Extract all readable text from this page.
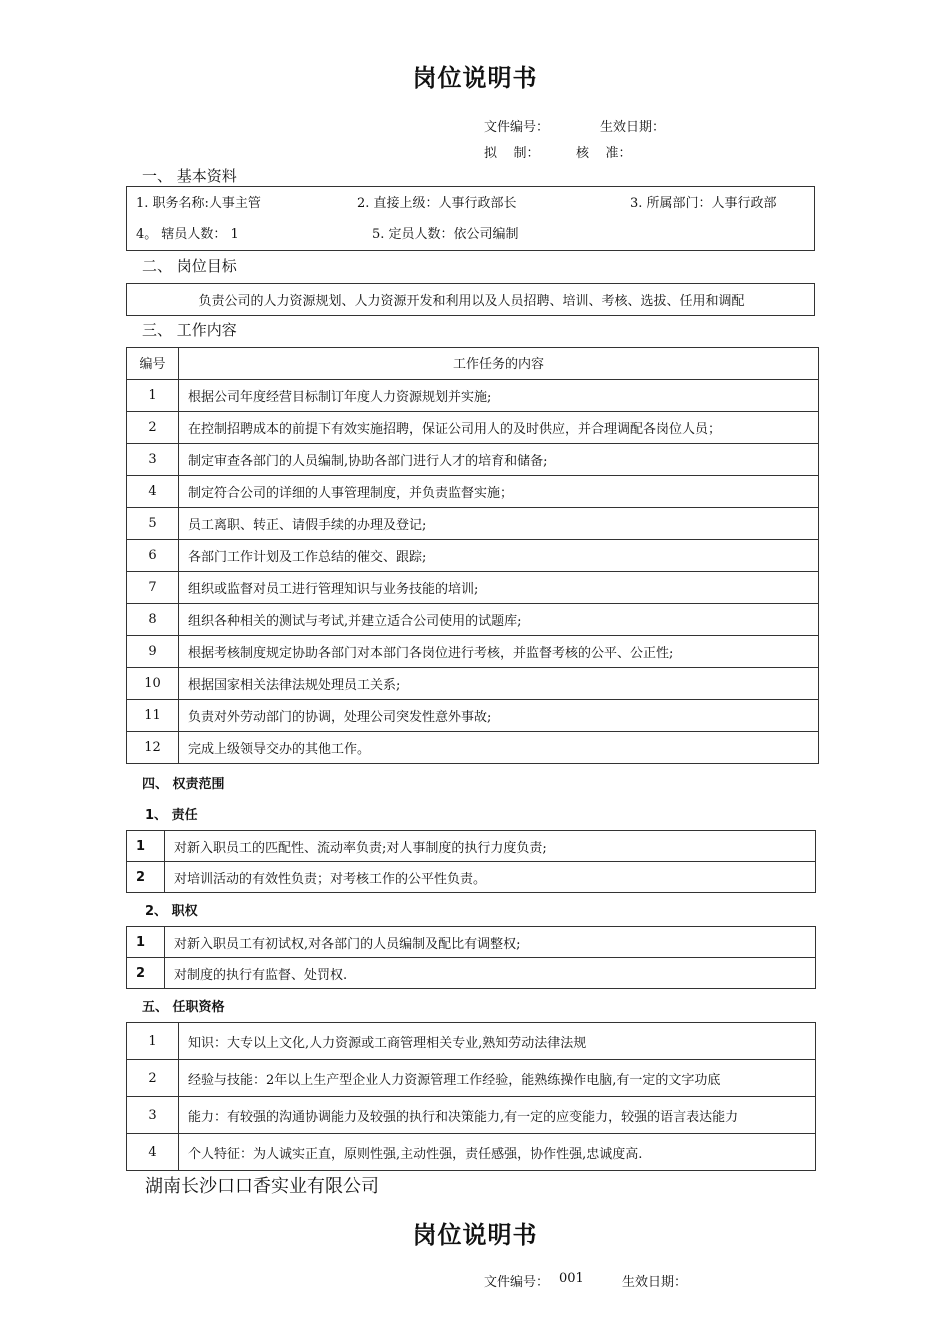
岗位说明书
文件编号：	生效日期：
拟    制：	核    准：
一、 基本资料
1. 职务名称:人事主管	2. 直接上级：人事行政部长	3. 所属部门：人事行政部
4。 辖员人数： 1	5. 定员人数：依公司编制
二、 岗位目标
负责公司的人力资源规划、人力资源开发和利用以及人员招聘、培训、考核、选拔、任用和调配
三、 工作内容
编号	工作任务的内容
1	根据公司年度经营目标制订年度人力资源规划并实施;
2	在控制招聘成本的前提下有效实施招聘，保证公司用人的及时供应，并合理调配各岗位人员；
3	制定审查各部门的人员编制,协助各部门进行人才的培育和储备;
4	制定符合公司的详细的人事管理制度，并负责监督实施；
5	员工离职、转正、请假手续的办理及登记;
6	各部门工作计划及工作总结的催交、跟踪;
7	组织或监督对员工进行管理知识与业务技能的培训;
8	组织各种相关的测试与考试,并建立适合公司使用的试题库;
9	根据考核制度规定协助各部门对本部门各岗位进行考核，并监督考核的公平、公正性;
10	根据国家相关法律法规处理员工关系;
11	负责对外劳动部门的协调，处理公司突发性意外事故;
12	完成上级领导交办的其他工作。
四、 权责范围
1、 责任
1	对新入职员工的匹配性、流动率负责;对人事制度的执行力度负责;
2	对培训活动的有效性负责；对考核工作的公平性负责。
2、 职权
1	对新入职员工有初试权,对各部门的人员编制及配比有调整权;
2	对制度的执行有监督、处罚权.
五、 任职资格
1	知识：大专以上文化,人力资源或工商管理相关专业,熟知劳动法律法规
2	经验与技能：2年以上生产型企业人力资源管理工作经验，能熟练操作电脑,有一定的文字功底
3	能力：有较强的沟通协调能力及较强的执行和决策能力,有一定的应变能力，较强的语言表达能力
4	个人特征：为人诚实正直，原则性强,主动性强，责任感强，协作性强,忠诚度高.
湖南长沙口口香实业有限公司
岗位说明书
文件编号： 001	生效日期：
